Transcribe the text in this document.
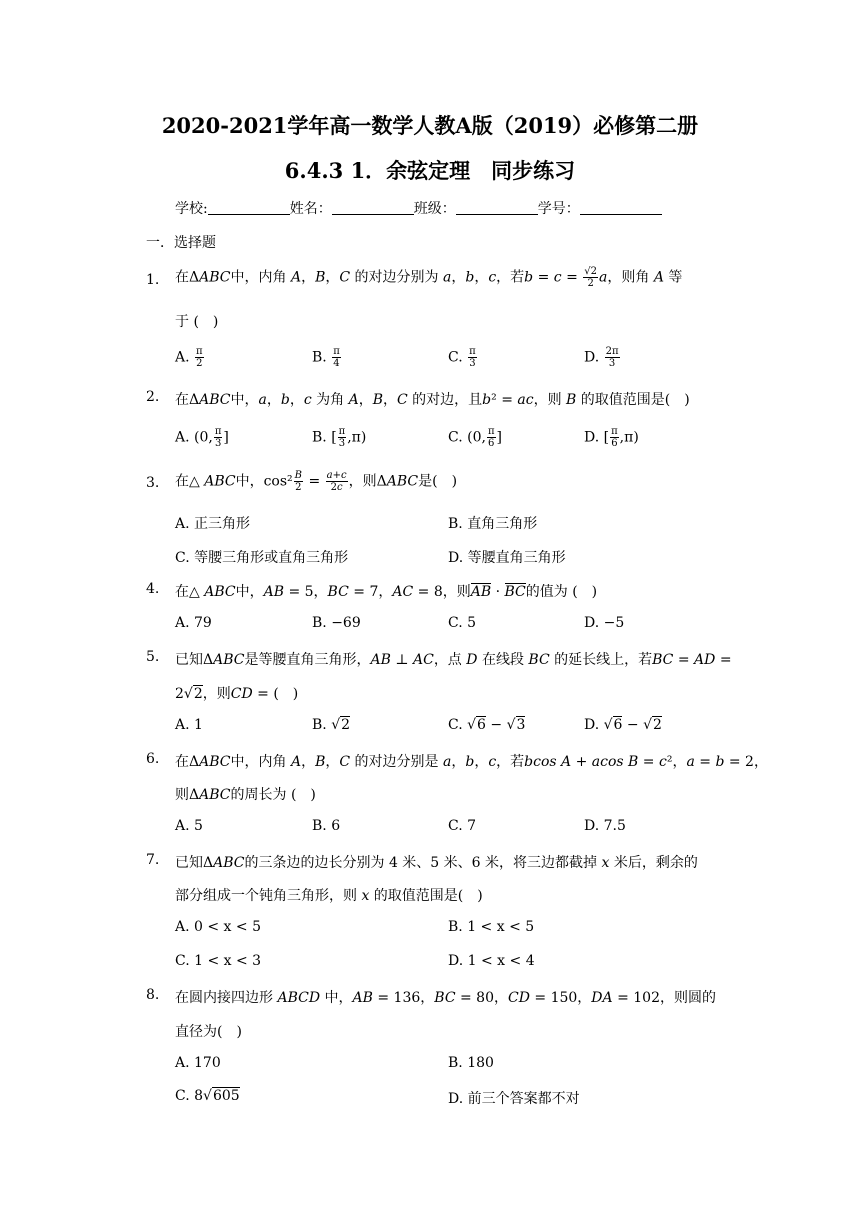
2020-2021学年高一数学人教A版（2019）必修第二册
6.4.3 1．余弦定理　同步练习
学校:	姓名：	班级：	学号：
一．选择题
1. 在ΔABC中，内角 A，B，C 的对边分别为 a，b，c，若$b = c = \frac{√2}{2}$ a，则角 A 等
于 (　)
A. $\frac{\pi}{2}$	B. $\frac{\pi}{4}$	C. $\frac{\pi}{3}$	D. $\frac{2\pi}{3}$
2. 在ΔABC中，a，b，c 为角 A，B，C 的对边，且b² = ac，则 B 的取值范围是(　)
A. (0, $\frac{\pi}{3}$ ]	B. [ $\frac{\pi}{3} ,\pi$)	C. (0, $\frac{\pi}{6}$ ]	D. [ $\frac{\pi}{6} ,\pi$)
3. 在△ ABC中，$\cos^2 \frac{B}{2} = \frac{a+c}{2c}$ ，则ΔABC是(　)
A. 正三角形	B. 直角三角形
C. 等腰三角形或直角三角形	D. 等腰直角三角形
4. 在△ ABC中，AB = 5，BC = 7，AC = 8，则AB · BC的值为 (　)
A. 79	B. −69	C. 5	D. −5
5. 已知ΔABC是等腰直角三角形，AB ⊥ AC，点 D 在线段 BC 的延长线上，若BC = AD =
2√2，则CD = (　)
A. 1	B. √2	C. √6 − √3	D. √6 − √2
6. 在ΔABC中，内角 A，B，C 的对边分别是 a，b，c，若bcos A + acos B = c²，a = b = 2，
则ΔABC的周长为 (　)
A. 5	B. 6	C. 7	D. 7.5
7. 已知ΔABC的三条边的边长分别为 4 米、5 米、6 米，将三边都截掉 x 米后，剩余的
部分组成一个钝角三角形，则 x 的取值范围是(　)
A. 0 < x < 5	B. 1 < x < 5
C. 1 < x < 3	D. 1 < x < 4
8. 在圆内接四边形 ABCD 中，AB = 136，BC = 80，CD = 150，DA = 102，则圆的
直径为(　)
A. 170	B. 180
C. 8√605	D. 前三个答案都不对
